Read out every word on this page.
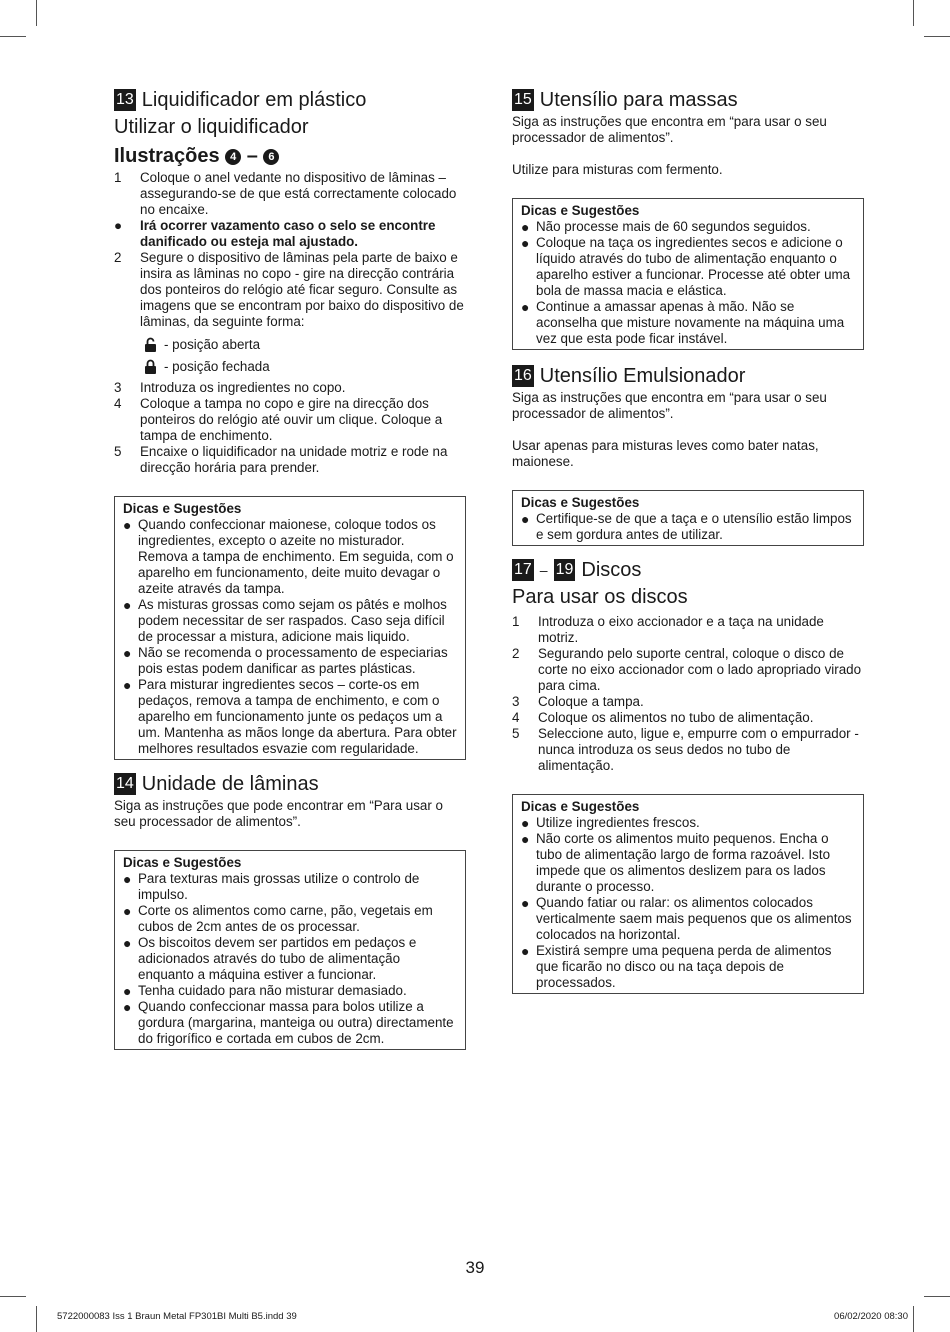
13 Liquidificador em plástico
Utilizar o liquidificador
Ilustrações 4 – 6
1 Coloque o anel vedante no dispositivo de lâminas – assegurando-se de que está correctamente colocado no encaixe.
● Irá ocorrer vazamento caso o selo se encontre danificado ou esteja mal ajustado.
2 Segure o dispositivo de lâminas pela parte de baixo e insira as lâminas no copo - gire na direcção contrária dos ponteiros do relógio até ficar seguro. Consulte as imagens que se encontram por baixo do dispositivo de lâminas, da seguinte forma:
- posição aberta
- posição fechada
3 Introduza os ingredientes no copo.
4 Coloque a tampa no copo e gire na direcção dos ponteiros do relógio até ouvir um clique. Coloque a tampa de enchimento.
5 Encaixe o liquidificador na unidade motriz e rode na direcção horária para prender.
Dicas e Sugestões
● Quando confeccionar maionese, coloque todos os ingredientes, excepto o azeite no misturador. Remova a tampa de enchimento. Em seguida, com o aparelho em funcionamento, deite muito devagar o azeite através da tampa.
● As misturas grossas como sejam os pâtés e molhos podem necessitar de ser raspados. Caso seja difícil de processar a mistura, adicione mais liquido.
● Não se recomenda o processamento de especiarias pois estas podem danificar as partes plásticas.
● Para misturar ingredientes secos – corte-os em pedaços, remova a tampa de enchimento, e com o aparelho em funcionamento junte os pedaços um a um. Mantenha as mãos longe da abertura. Para obter melhores resultados esvazie com regularidade.
14 Unidade de lâminas
Siga as instruções que pode encontrar em “Para usar o seu processador de alimentos”.
Dicas e Sugestões
● Para texturas mais grossas utilize o controlo de impulso.
● Corte os alimentos como carne, pão, vegetais em cubos de 2cm antes de os processar.
● Os biscoitos devem ser partidos em pedaços e adicionados através do tubo de alimentação enquanto a máquina estiver a funcionar.
● Tenha cuidado para não misturar demasiado.
● Quando confeccionar massa para bolos utilize a gordura (margarina, manteiga ou outra) directamente do frigorífico e cortada em cubos de 2cm.
15 Utensílio para massas
Siga as instruções que encontra em “para usar o seu processador de alimentos”.
Utilize para misturas com fermento.
Dicas e Sugestões
● Não processe mais de 60 segundos seguidos.
● Coloque na taça os ingredientes secos e adicione o líquido através do tubo de alimentação enquanto o aparelho estiver a funcionar. Processe até obter uma bola de massa macia e elástica.
● Continue a amassar apenas à mão. Não se aconselha que misture novamente na máquina uma vez que esta pode ficar instável.
16 Utensílio Emulsionador
Siga as instruções que encontra em “para usar o seu processador de alimentos”.
Usar apenas para misturas leves como bater natas, maionese.
Dicas e Sugestões
● Certifique-se de que a taça e o utensílio estão limpos e sem gordura antes de utilizar.
17 – 19 Discos
Para usar os discos
1 Introduza o eixo accionador e a taça na unidade motriz.
2 Segurando pelo suporte central, coloque o disco de corte no eixo accionador com o lado apropriado virado para cima.
3 Coloque a tampa.
4 Coloque os alimentos no tubo de alimentação.
5 Seleccione auto, ligue e, empurre com o empurrador - nunca introduza os seus dedos no tubo de alimentação.
Dicas e Sugestões
● Utilize ingredientes frescos.
● Não corte os alimentos muito pequenos. Encha o tubo de alimentação largo de forma razoável. Isto impede que os alimentos deslizem para os lados durante o processo.
● Quando fatiar ou ralar: os alimentos colocados verticalmente saem mais pequenos que os alimentos colocados na horizontal.
● Existirá sempre uma pequena perda de alimentos que ficarão no disco ou na taça depois de processados.
39
5722000083 Iss 1 Braun Metal FP301BI Multi B5.indd 39	06/02/2020 08:30
